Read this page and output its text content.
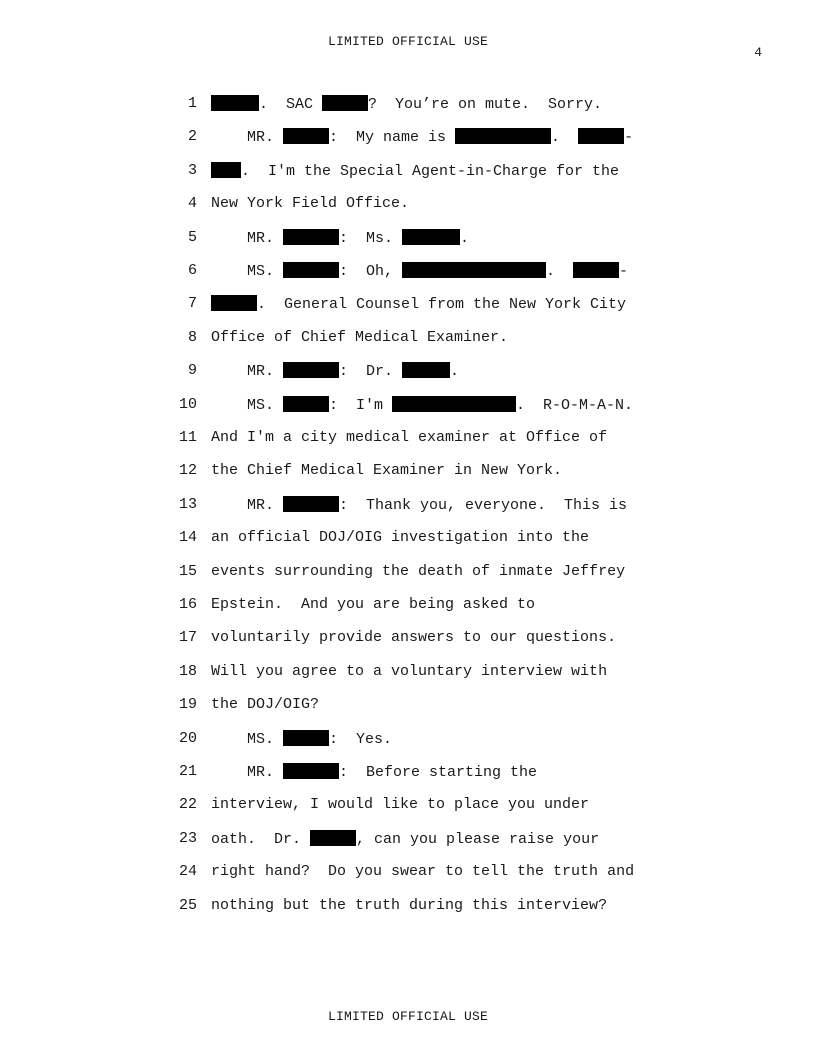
LIMITED OFFICIAL USE
4
1	.  SAC	?  You’re on mute.  Sorry.
2 MR.	:  My name is	.	-
3	.  I'm the Special Agent-in-Charge for the
4 New York Field Office.
5 MR.	:  Ms.	.
6 MS.	:  Oh,	.	-
7	.  General Counsel from the New York City
8 Office of Chief Medical Examiner.
9 MR.	:  Dr.	.
10 MS.	:  I'm	.  R-O-M-A-N.
11 And I'm a city medical examiner at Office of
12 the Chief Medical Examiner in New York.
13 MR.	:  Thank you, everyone.  This is
14 an official DOJ/OIG investigation into the
15 events surrounding the death of inmate Jeffrey
16 Epstein.  And you are being asked to
17 voluntarily provide answers to our questions.
18 Will you agree to a voluntary interview with
19 the DOJ/OIG?
20 MS.	:  Yes.
21 MR.	:  Before starting the
22 interview, I would like to place you under
23 oath.  Dr.	, can you please raise your
24 right hand?  Do you swear to tell the truth and
25 nothing but the truth during this interview?
LIMITED OFFICIAL USE
